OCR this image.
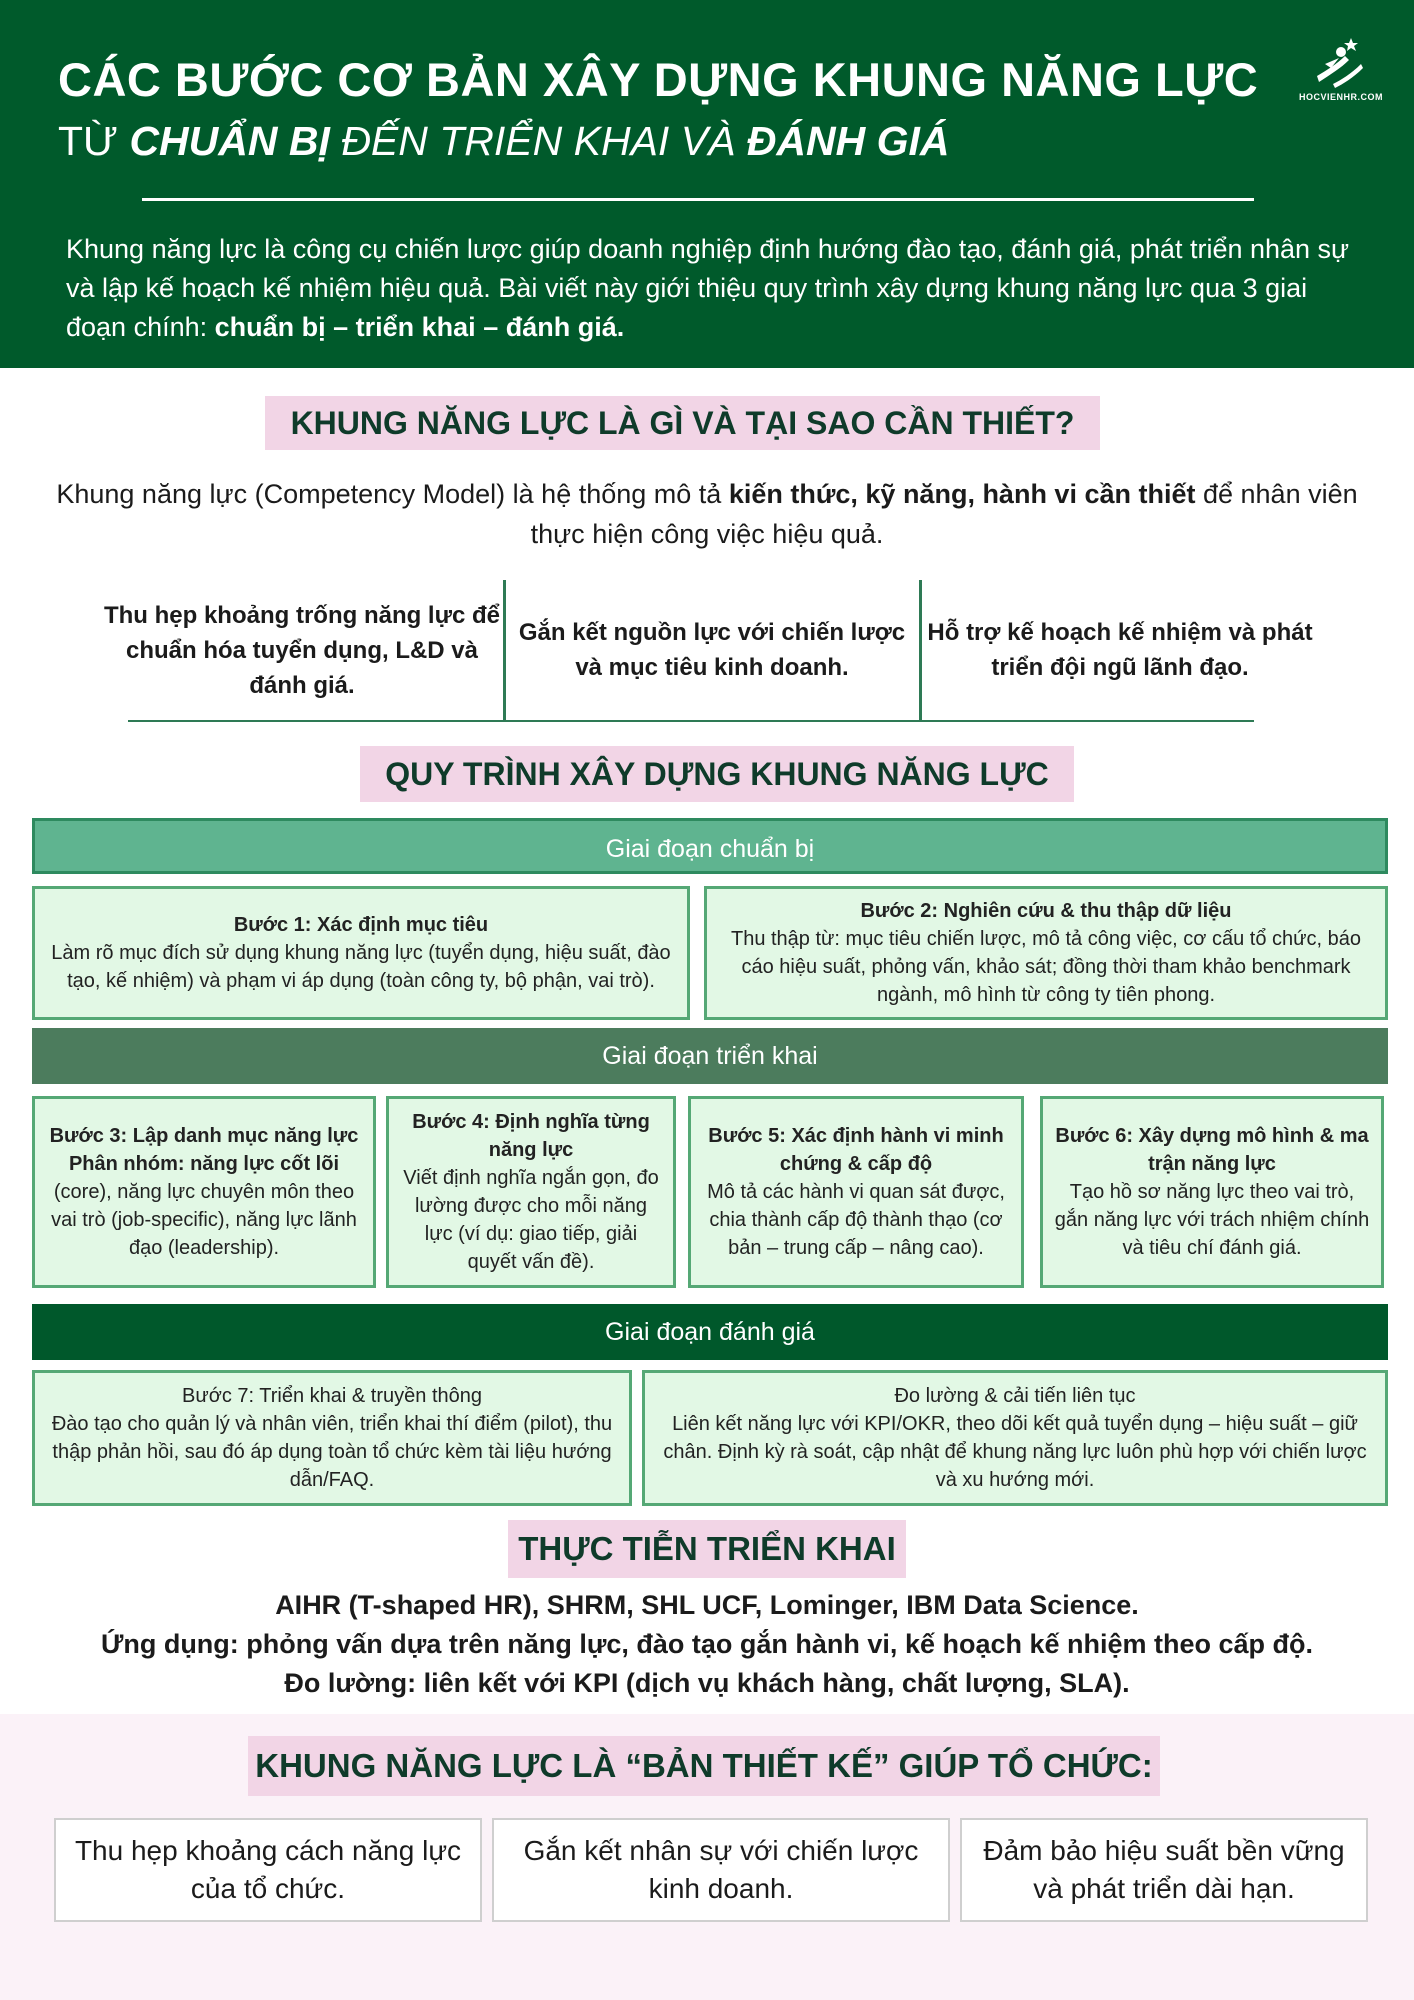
CÁC BƯỚC CƠ BẢN XÂY DỰNG KHUNG NĂNG LỰC
TỪ CHUẨN BỊ ĐẾN TRIỂN KHAI VÀ ĐÁNH GIÁ
HOCVIENHR.COM
Khung năng lực là công cụ chiến lược giúp doanh nghiệp định hướng đào tạo, đánh giá, phát triển nhân sự và lập kế hoạch kế nhiệm hiệu quả. Bài viết này giới thiệu quy trình xây dựng khung năng lực qua 3 giai đoạn chính: chuẩn bị – triển khai – đánh giá.
KHUNG NĂNG LỰC LÀ GÌ VÀ TẠI SAO CẦN THIẾT?
Khung năng lực (Competency Model) là hệ thống mô tả kiến thức, kỹ năng, hành vi cần thiết để nhân viên thực hiện công việc hiệu quả.
Thu hẹp khoảng trống năng lực để chuẩn hóa tuyển dụng, L&D và đánh giá.
Gắn kết nguồn lực với chiến lược và mục tiêu kinh doanh.
Hỗ trợ kế hoạch kế nhiệm và phát triển đội ngũ lãnh đạo.
QUY TRÌNH XÂY DỰNG KHUNG NĂNG LỰC
Giai đoạn chuẩn bị
Bước 1: Xác định mục tiêu
Làm rõ mục đích sử dụng khung năng lực (tuyển dụng, hiệu suất, đào tạo, kế nhiệm) và phạm vi áp dụng (toàn công ty, bộ phận, vai trò).
Bước 2: Nghiên cứu & thu thập dữ liệu
Thu thập từ: mục tiêu chiến lược, mô tả công việc, cơ cấu tổ chức, báo cáo hiệu suất, phỏng vấn, khảo sát; đồng thời tham khảo benchmark ngành, mô hình từ công ty tiên phong.
Giai đoạn triển khai
Bước 3: Lập danh mục năng lực Phân nhóm: năng lực cốt lõi
(core), năng lực chuyên môn theo vai trò (job-specific), năng lực lãnh đạo (leadership).
Bước 4: Định nghĩa từng năng lực
Viết định nghĩa ngắn gọn, đo lường được cho mỗi năng lực (ví dụ: giao tiếp, giải quyết vấn đề).
Bước 5: Xác định hành vi minh chứng & cấp độ
Mô tả các hành vi quan sát được, chia thành cấp độ thành thạo (cơ bản – trung cấp – nâng cao).
Bước 6: Xây dựng mô hình & ma trận năng lực
Tạo hồ sơ năng lực theo vai trò, gắn năng lực với trách nhiệm chính và tiêu chí đánh giá.
Giai đoạn đánh giá
Bước 7: Triển khai & truyền thông
Đào tạo cho quản lý và nhân viên, triển khai thí điểm (pilot), thu thập phản hồi, sau đó áp dụng toàn tổ chức kèm tài liệu hướng dẫn/FAQ.
Đo lường & cải tiến liên tục
Liên kết năng lực với KPI/OKR, theo dõi kết quả tuyển dụng – hiệu suất – giữ chân. Định kỳ rà soát, cập nhật để khung năng lực luôn phù hợp với chiến lược và xu hướng mới.
THỰC TIỄN TRIỂN KHAI
AIHR (T-shaped HR), SHRM, SHL UCF, Lominger, IBM Data Science.
Ứng dụng: phỏng vấn dựa trên năng lực, đào tạo gắn hành vi, kế hoạch kế nhiệm theo cấp độ.
Đo lường: liên kết với KPI (dịch vụ khách hàng, chất lượng, SLA).
KHUNG NĂNG LỰC LÀ “BẢN THIẾT KẾ” GIÚP TỔ CHỨC:
Thu hẹp khoảng cách năng lực của tổ chức.
Gắn kết nhân sự với chiến lược kinh doanh.
Đảm bảo hiệu suất bền vững và phát triển dài hạn.
